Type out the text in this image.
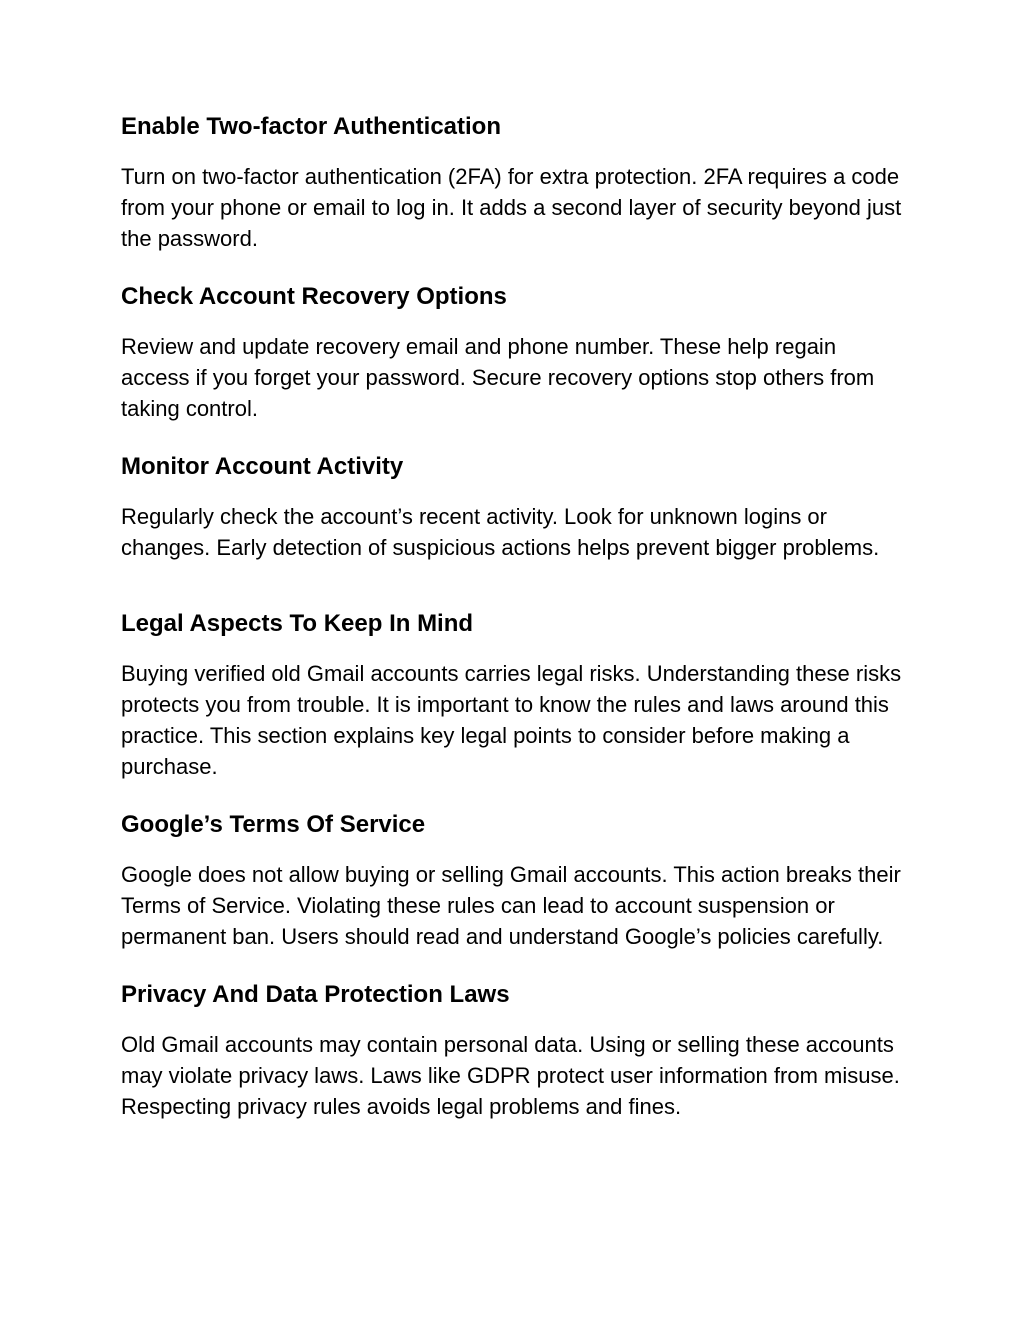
Enable Two-factor Authentication

Turn on two-factor authentication (2FA) for extra protection. 2FA requires a code from your phone or email to log in. It adds a second layer of security beyond just the password.

Check Account Recovery Options

Review and update recovery email and phone number. These help regain access if you forget your password. Secure recovery options stop others from taking control.

Monitor Account Activity

Regularly check the account’s recent activity. Look for unknown logins or changes. Early detection of suspicious actions helps prevent bigger problems.

Legal Aspects To Keep In Mind

Buying verified old Gmail accounts carries legal risks. Understanding these risks protects you from trouble. It is important to know the rules and laws around this practice. This section explains key legal points to consider before making a purchase.

Google’s Terms Of Service

Google does not allow buying or selling Gmail accounts. This action breaks their Terms of Service. Violating these rules can lead to account suspension or permanent ban. Users should read and understand Google’s policies carefully.

Privacy And Data Protection Laws

Old Gmail accounts may contain personal data. Using or selling these accounts may violate privacy laws. Laws like GDPR protect user information from misuse. Respecting privacy rules avoids legal problems and fines.
